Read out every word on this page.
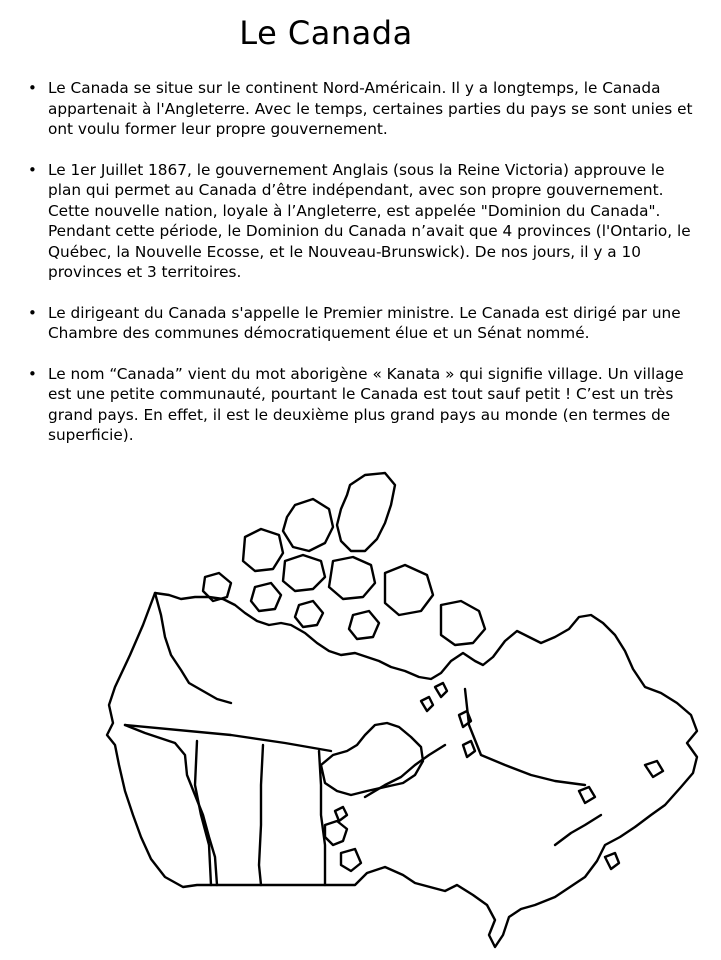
Le Canada
• Le Canada se situe sur le continent Nord-Américain. Il y a longtemps, le Canada appartenait à l'Angleterre. Avec le temps, certaines parties du pays se sont unies et ont voulu former leur propre gouvernement.
• Le 1er Juillet 1867, le gouvernement Anglais (sous la Reine Victoria) approuve le plan qui permet au Canada d’être indépendant, avec son propre gouvernement. Cette nouvelle nation, loyale à l’Angleterre, est appelée "Dominion du Canada". Pendant cette période, le Dominion du Canada n’avait que 4 provinces (l'Ontario, le Québec, la Nouvelle Ecosse, et le Nouveau-Brunswick). De nos jours, il y a 10 provinces et 3 territoires.
• Le dirigeant du Canada s'appelle le Premier ministre. Le Canada est dirigé par une Chambre des communes démocratiquement élue et un Sénat nommé.
• Le nom “Canada” vient du mot aborigène « Kanata » qui signifie village. Un village est une petite communauté, pourtant le Canada est tout sauf petit ! C’est un très grand pays. En effet, il est le deuxième plus grand pays au monde (en termes de superficie).
